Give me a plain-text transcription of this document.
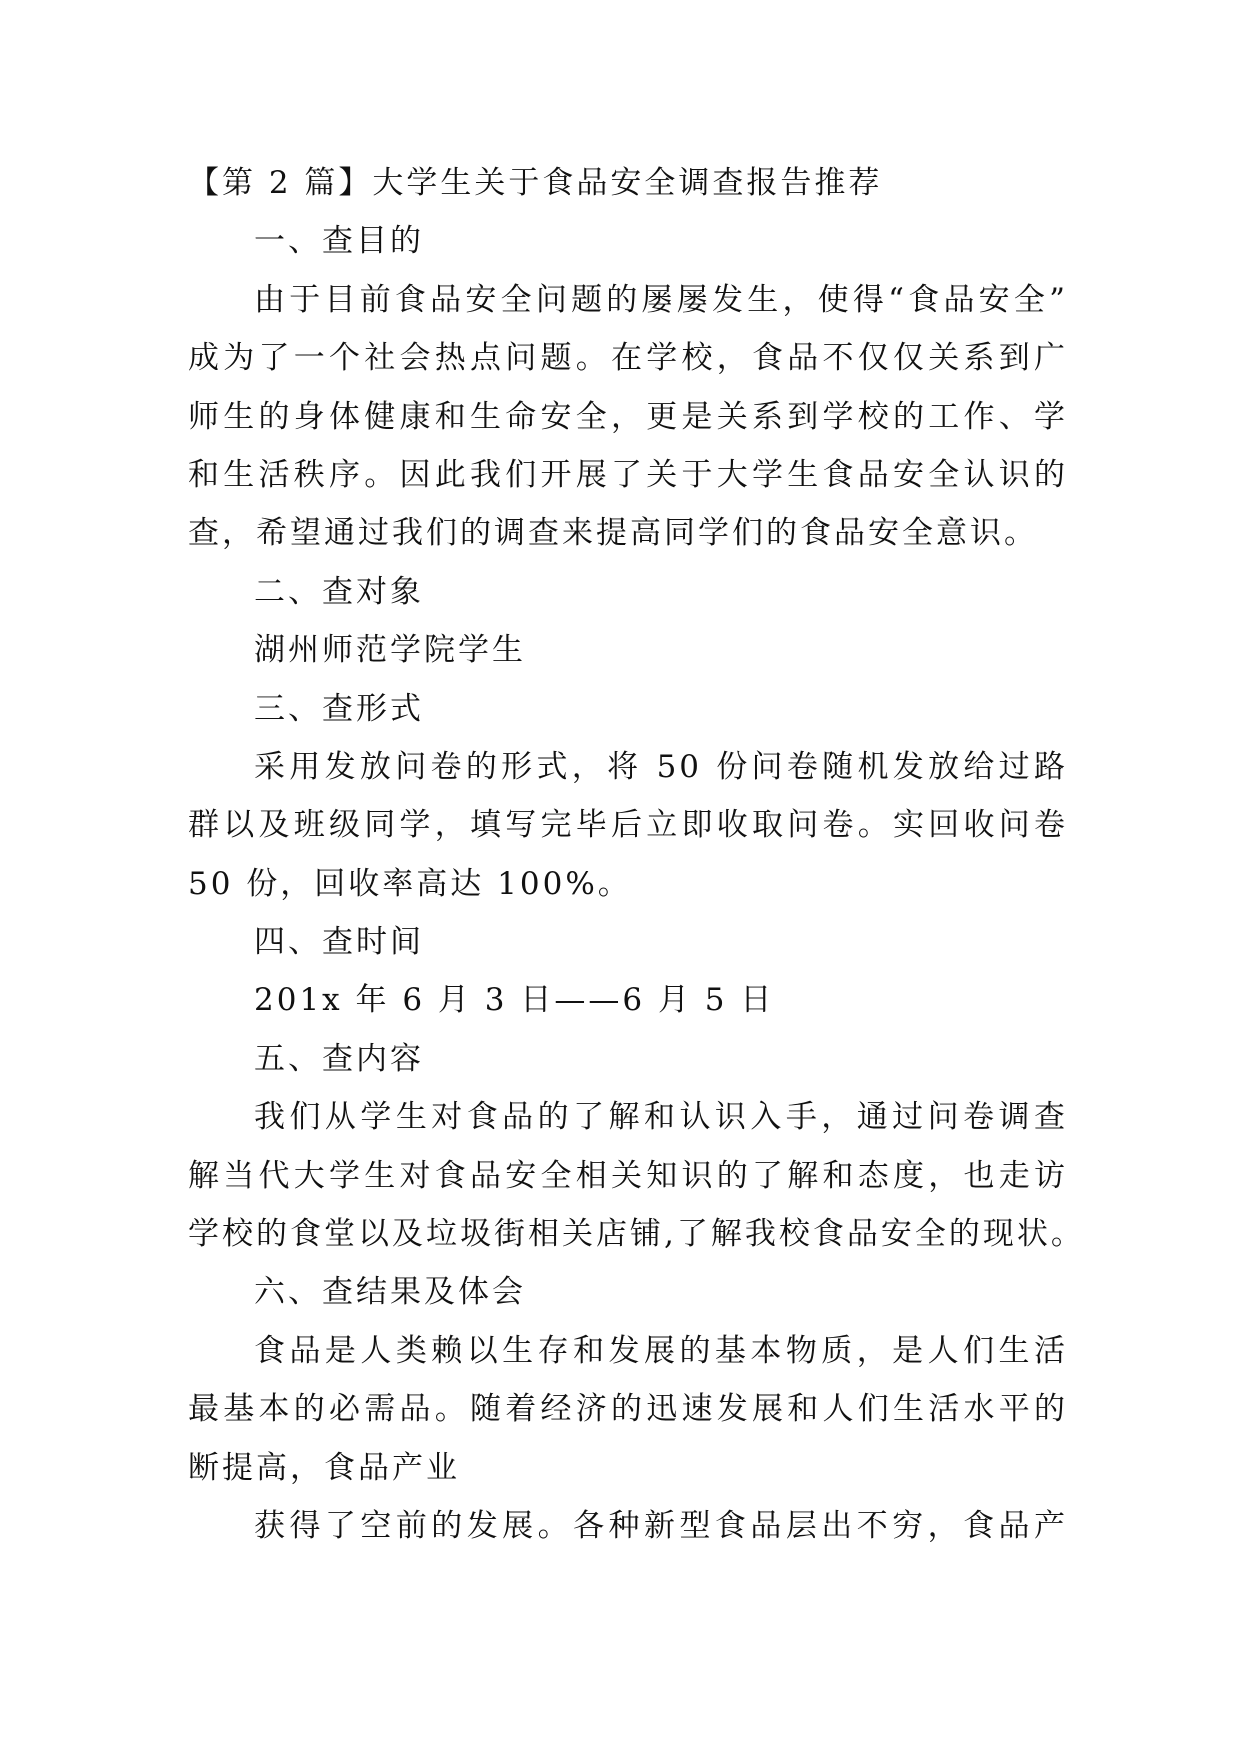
【第 2 篇】大学生关于食品安全调查报告推荐
一、查目的
由于目前食品安全问题的屡屡发生，使得“食品安全”
成为了一个社会热点问题。在学校，食品不仅仅关系到广
师生的身体健康和生命安全，更是关系到学校的工作、学
和生活秩序。因此我们开展了关于大学生食品安全认识的
查，希望通过我们的调查来提高同学们的食品安全意识。
二、查对象
湖州师范学院学生
三、查形式
采用发放问卷的形式，将 50 份问卷随机发放给过路
群以及班级同学，填写完毕后立即收取问卷。实回收问卷
50 份，回收率高达 100%。
四、查时间
201x 年 6 月 3 日——6 月 5 日
五、查内容
我们从学生对食品的了解和认识入手，通过问卷调查
解当代大学生对食品安全相关知识的了解和态度，也走访
学校的食堂以及垃圾街相关店铺,了解我校食品安全的现状。
六、查结果及体会
食品是人类赖以生存和发展的基本物质，是人们生活
最基本的必需品。随着经济的迅速发展和人们生活水平的
断提高，食品产业
获得了空前的发展。各种新型食品层出不穷，食品产
